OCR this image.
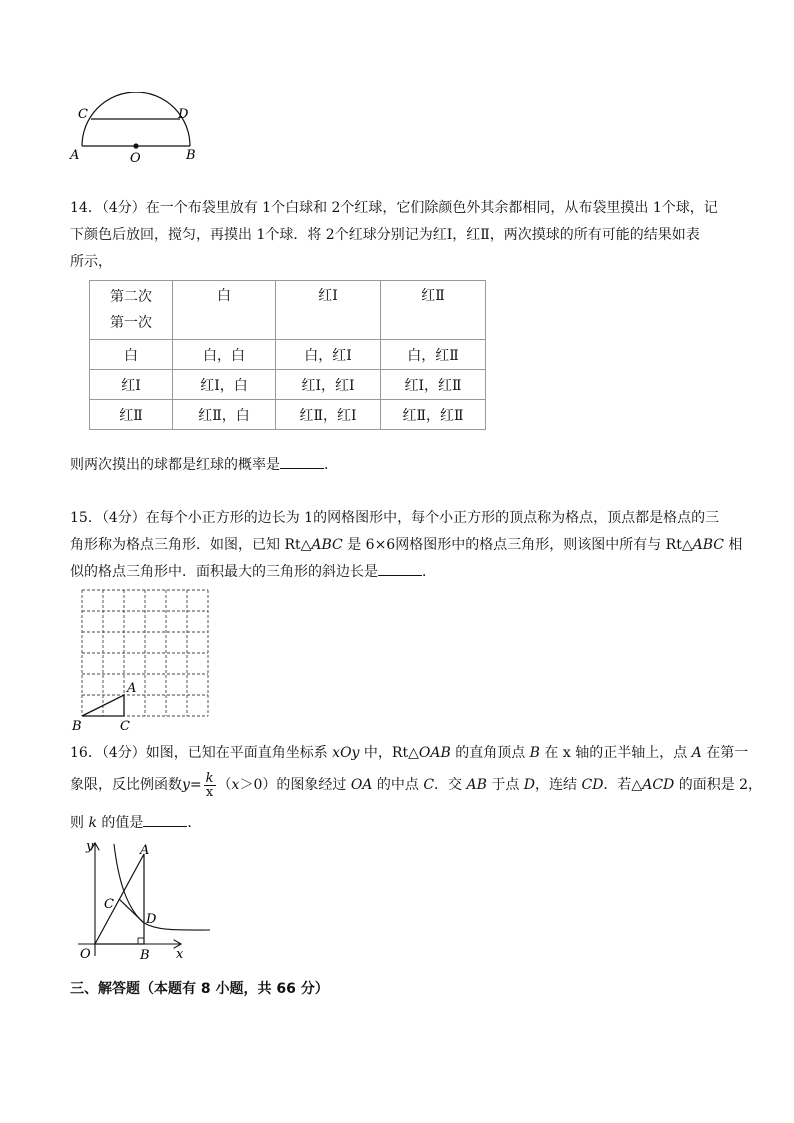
C	D
A	O	B
14．（4分）在一个布袋里放有 1个白球和 2个红球，它们除颜色外其余都相同，从布袋里摸出 1个球，记
下颜色后放回，搅匀，再摸出 1个球．将 2个红球分别记为红Ⅰ，红Ⅱ，两次摸球的所有可能的结果如表
所示，
第二次
第一次	白	红Ⅰ	红Ⅱ
白	白，白	白，红Ⅰ	白，红Ⅱ
红Ⅰ	红Ⅰ，白	红Ⅰ，红Ⅰ	红Ⅰ，红Ⅱ
红Ⅱ	红Ⅱ，白	红Ⅱ，红Ⅰ	红Ⅱ，红Ⅱ
则两次摸出的球都是红球的概率是	．
15．（4分）在每个小正方形的边长为 1的网格图形中，每个小正方形的顶点称为格点，顶点都是格点的三
角形称为格点三角形．如图，已知 Rt△ABC 是 6×6网格图形中的格点三角形，则该图中所有与 Rt△ABC 相
似的格点三角形中．面积最大的三角形的斜边长是	．
A
B	C
16．（4分）如图，已知在平面直角坐标系 xOy 中，Rt△OAB 的直角顶点 B 在 x 轴的正半轴上，点 A 在第一
象限，反比例函数$y= \frac{k}{x} (x>0)$的图象经过 OA 的中点 C．交 AB 于点 D，连结 CD．若△ACD 的面积是 2，
则 k 的值是	．
y	A
C
D
O	B x
三、解答题（本题有 8 小题，共 66 分）
